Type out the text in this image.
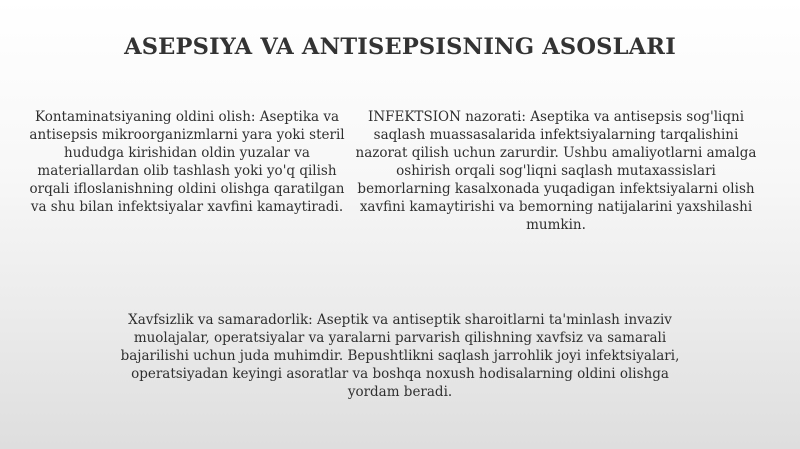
ASEPSIYA VA ANTISEPSISNING ASOSLARI

Kontaminatsiyaning oldini olish: Aseptika va antisepsis mikroorganizmlarni yara yoki steril hududga kirishidan oldin yuzalar va materiallardan olib tashlash yoki yo'q qilish orqali ifloslanishning oldini olishga qaratilgan va shu bilan infektsiyalar xavfini kamaytiradi.

INFEKTSION nazorati: Aseptika va antisepsis sog'liqni saqlash muassasalarida infektsiyalarning tarqalishini nazorat qilish uchun zarurdir. Ushbu amaliyotlarni amalga oshirish orqali sog'liqni saqlash mutaxassislari bemorlarning kasalxonada yuqadigan infektsiyalarni olish xavfini kamaytirishi va bemorning natijalarini yaxshilashi mumkin.

Xavfsizlik va samaradorlik: Aseptik va antiseptik sharoitlarni ta'minlash invaziv muolajalar, operatsiyalar va yaralarni parvarish qilishning xavfsiz va samarali bajarilishi uchun juda muhimdir. Bepushtlikni saqlash jarrohlik joyi infektsiyalari, operatsiyadan keyingi asoratlar va boshqa noxush hodisalarning oldini olishga yordam beradi.
